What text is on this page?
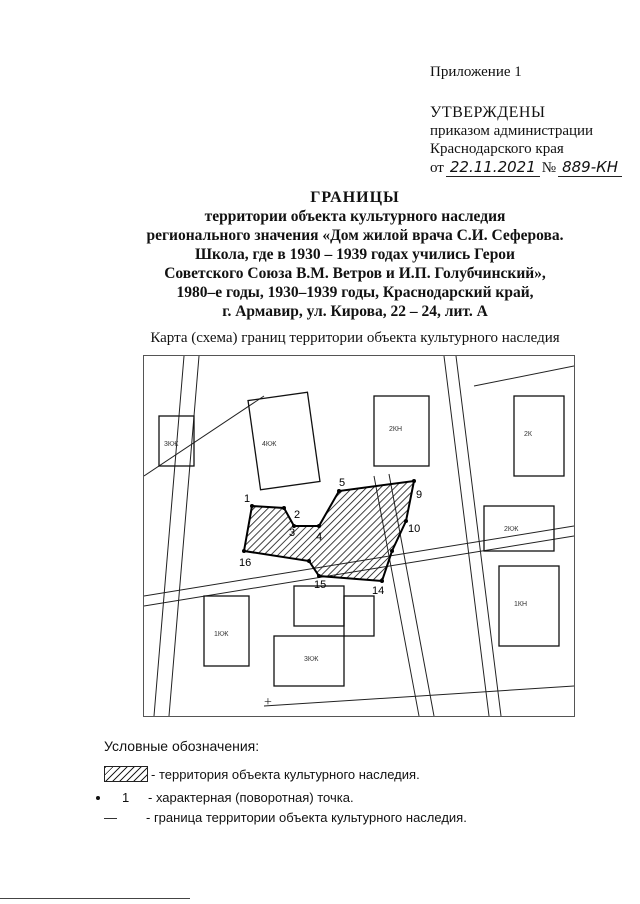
Приложение 1
УТВЕРЖДЕНЫ
приказом администрации
Краснодарского края
от 22.11.2021 № 889-КН
ГРАНИЦЫ
территории объекта культурного наследия
регионального значения «Дом жилой врача С.И. Сеферова.
Школа, где в 1930 – 1939 годах учились Герои
Советского Союза В.М. Ветров и И.П. Голубчинский»,
1980–е годы, 1930–1939 годы, Краснодарский край,
г. Армавир, ул. Кирова, 22 – 24, лит. А
Карта (схема) границ территории объекта культурного наследия
4КЖ
2КН
3КЖ
1КЖ
2КЖ
1КН
3КЖ
2К
1
2
3 4
5
9
10
14
15
16
+
Условные обозначения:
- территория объекта культурного наследия.
1	- характерная (поворотная) точка.
—	- граница территории объекта культурного наследия.
